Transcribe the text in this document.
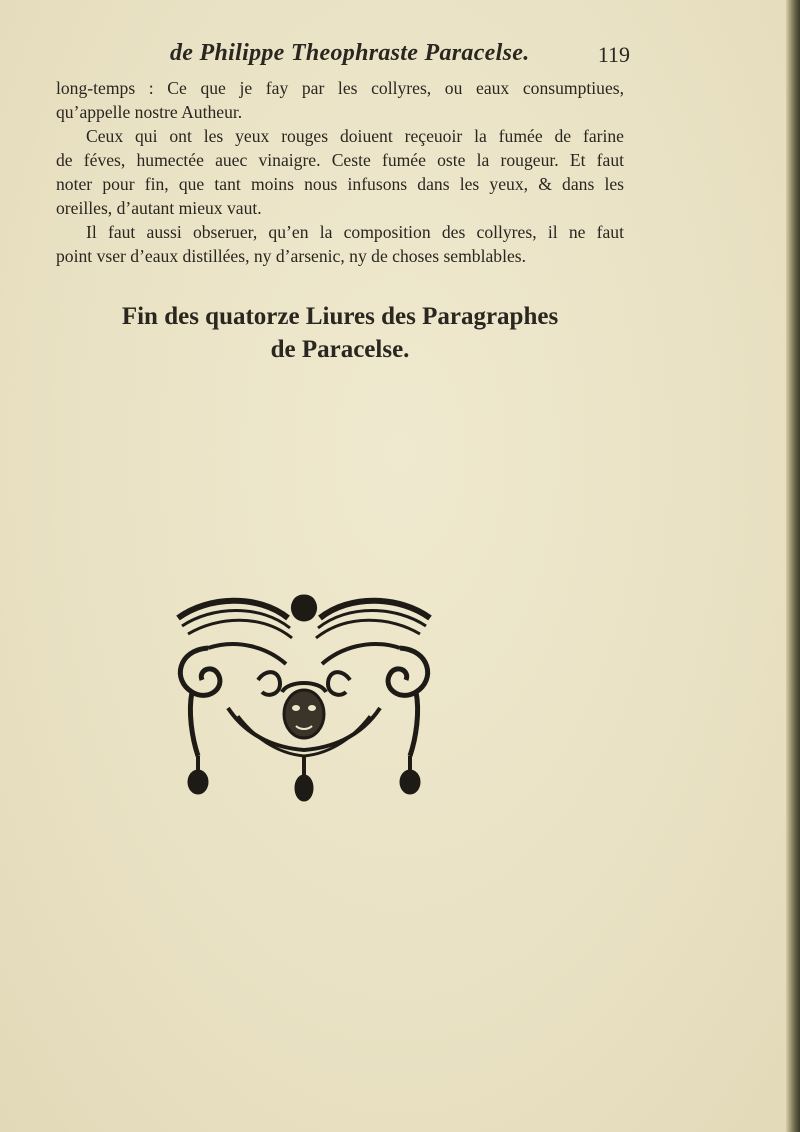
de Philippe Theophraste Paracelse.	119
long-temps : Ce que je fay par les collyres, ou eaux consumptiues,
qu’appelle nostre Autheur.
Ceux qui ont les yeux rouges doiuent reçeuoir la fumée de farine
de féves, humectée auec vinaigre. Ceste fumée oste la rougeur. Et faut
noter pour fin, que tant moins nous infusons dans les yeux, & dans les
oreilles, d’autant mieux vaut.
Il faut aussi obseruer, qu’en la composition des collyres, il ne faut
point vser d’eaux distillées, ny d’arsenic, ny de choses semblables.
Fin des quatorze Liures des Paragraphes
de Paracelse.
